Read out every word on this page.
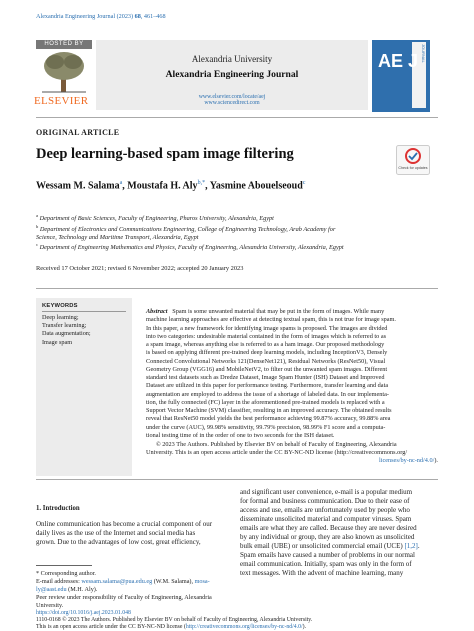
Alexandria Engineering Journal (2023) 68, 461–468
HOSTED BY
ELSEVIER
Alexandria University
Alexandria Engineering Journal
www.elsevier.com/locate/aej
www.sciencedirect.com
AE J JOURNAL
ORIGINAL ARTICLE
Deep learning-based spam image filtering
Check for updates
Wessam M. Salama$^a$, Moustafa H. Aly$^{b,*}$, Yasmine Abouelseoud$^c$
$^a$ Department of Basic Sciences, Faculty of Engineering, Pharos University, Alexandria, Egypt
$^b$ Department of Electronics and Communications Engineering, College of Engineering Technology, Arab Academy for
Science, Technology and Maritime Transport, Alexandria, Egypt
$^c$ Department of Engineering Mathematics and Physics, Faculty of Engineering, Alexandria University, Alexandria, Egypt
Received 17 October 2021; revised 6 November 2022; accepted 20 January 2023
KEYWORDS
Deep learning;
Transfer learning;
Data augmentation;
Image spam
Abstract Spam is some unwanted material that may be put in the form of images. While many
machine learning approaches are effective at detecting textual spam, this is not true for image spam.
In this paper, a new framework for identifying image spams is proposed. The images are divided
into two categories: undesirable material contained in the form of images which is referred to as
a spam image, whereas anything else is referred to as a ham image. Our proposed methodology
is based on applying different pre-trained deep learning models, including InceptionV3, Densely
Connected Convolutional Networks 121(DenseNet121), Residual Networks (ResNet50), Visual
Geometry Group (VGG16) and MobileNetV2, to filter out the unwanted spam images. Different
standard test datasets such as Dredze Dataset, Image Spam Hunter (ISH) Dataset and Improved
Dataset are utilized in this paper for performance testing. Furthermore, transfer learning and data
augmentation are employed to address the issue of a shortage of labeled data. In our implementa-
tion, the fully connected (FC) layer in the aforementioned pre-trained models is replaced with a
Support Vector Machine (SVM) classifier, resulting in an improved accuracy. The obtained results
reveal that ResNet50 model yields the best performance achieving 99.87% accuracy, 99.88% area
under the curve (AUC), 99.98% sensitivity, 99.79% precision, 98.99% F1 score and a computa-
tional testing time of in the order of one to two seconds for the ISH dataset.
© 2023 The Authors. Published by Elsevier BV on behalf of Faculty of Engineering, Alexandria
University. This is an open access article under the CC BY-NC-ND license (http://creativecommons.org/
licenses/by-nc-nd/4.0/).
1. Introduction
Online communication has become a crucial component of our
daily lives as the use of the Internet and social media has
grown. Due to the advantages of low cost, great efficiency,
and significant user convenience, e-mail is a popular medium
for formal and business communication. Due to their ease of
access and use, emails are unfortunately used by people who
disseminate unsolicited material and computer viruses. Spam
emails are what they are called. Because they are never desired
by any individual or group, they are also known as unsolicited
bulk email (UBE) or unsolicited commercial email (UCE) [1,2].
Spam emails have caused a number of problems in our normal
email communication. Initially, spam was only in the form of
text messages. With the advent of machine learning, many
* Corresponding author.
E-mail addresses: wessam.salama@pua.edu.eg (W.M. Salama), mosa-
ly@aast.edu (M.H. Aly).
Peer review under responsibility of Faculty of Engineering, Alexandria
University.
https://doi.org/10.1016/j.aej.2023.01.048
1110-0168 © 2023 The Authors. Published by Elsevier BV on behalf of Faculty of Engineering, Alexandria University.
This is an open access article under the CC BY-NC-ND license (http://creativecommons.org/licenses/by-nc-nd/4.0/).
